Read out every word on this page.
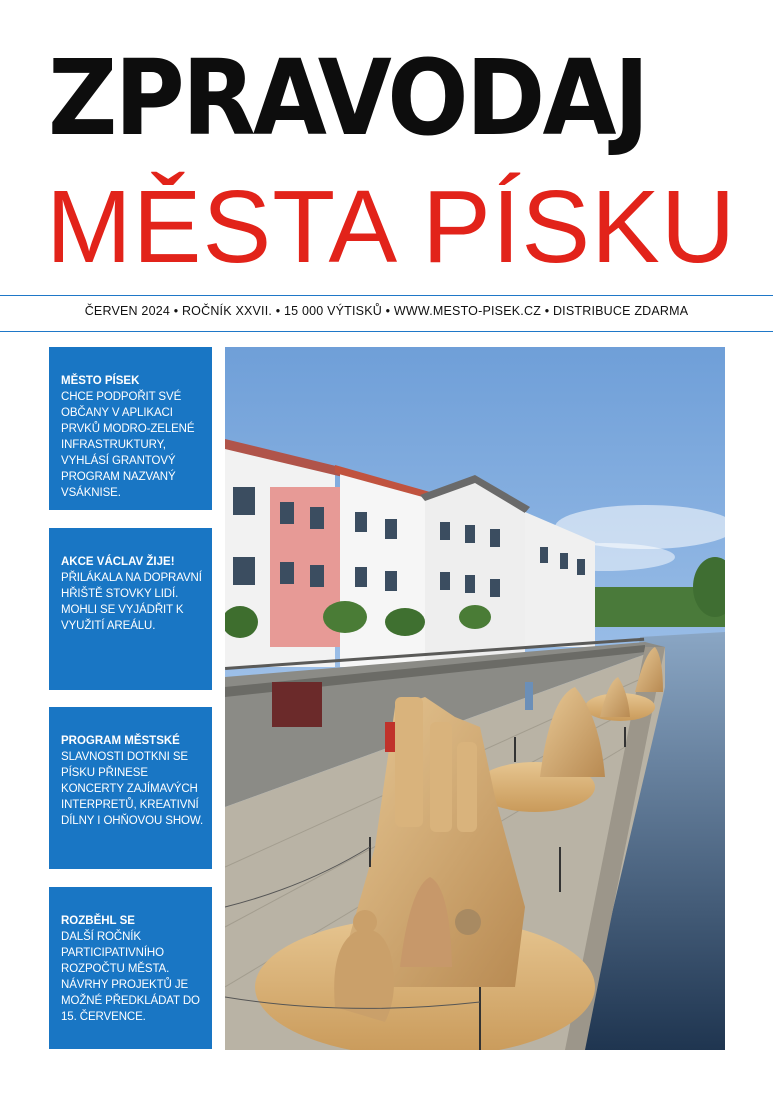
ZPRAVODAJ
MĚSTA PÍSKU
ČERVEN 2024 • ROČNÍK XXVII. • 15 000 VÝTISKŮ • WWW.MESTO-PISEK.CZ • DISTRIBUCE ZDARMA
MĚSTO PÍSEK
CHCE PODPOŘIT SVÉ OBČANY V APLIKACI PRVKŮ MODRO-ZELENÉ INFRASTRUKTURY, VYHLÁSÍ GRANTOVÝ PROGRAM NAZVANÝ VSÁKNISE.
AKCE VÁCLAV ŽIJE!
PŘILÁKALA NA DOPRAVNÍ HŘIŠTĚ STOVKY LIDÍ. MOHLI SE VYJÁDŘIT K VYUŽITÍ AREÁLU.
PROGRAM MĚSTSKÉ
SLAVNOSTI DOTKNI SE PÍSKU PŘINESE KONCERTY ZAJÍMAVÝCH INTERPRETŮ, KREATIVNÍ DÍLNY I OHŇOVOU SHOW.
ROZBĚHL SE
DALŠÍ ROČNÍK PARTICIPATIVNÍHO ROZPOČTU MĚSTA. NÁVRHY PROJEKTŮ JE MOŽNÉ PŘEDKLÁDAT DO 15. ČERVENCE.
